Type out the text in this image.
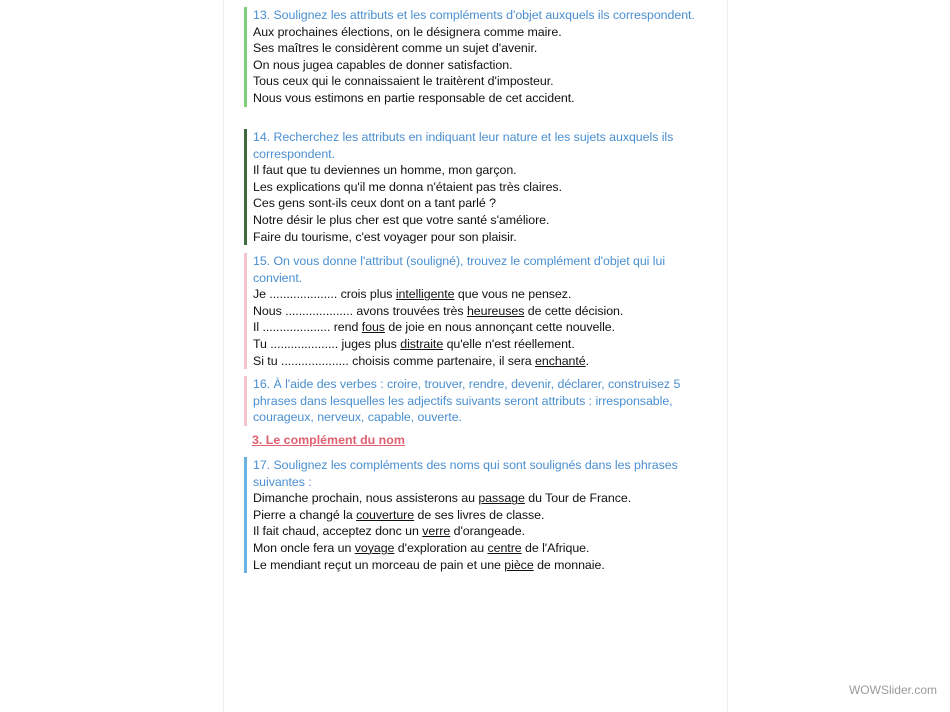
13. Soulignez les attributs et les compléments d'objet auxquels ils correspondent.
Aux prochaines élections, on le désignera comme maire.
Ses maîtres le considèrent comme un sujet d'avenir.
On nous jugea capables de donner satisfaction.
Tous ceux qui le connaissaient le traitèrent d'imposteur.
Nous vous estimons en partie responsable de cet accident.
14. Recherchez les attributs en indiquant leur nature et les sujets auxquels ils correspondent.
Il faut que tu deviennes un homme, mon garçon.
Les explications qu'il me donna n'étaient pas très claires.
Ces gens sont-ils ceux dont on a tant parlé ?
Notre désir le plus cher est que votre santé s'améliore.
Faire du tourisme, c'est voyager pour son plaisir.
15. On vous donne l'attribut (souligné), trouvez le complément d'objet qui lui convient.
Je .................... crois plus intelligente que vous ne pensez.
Nous .................... avons trouvées très heureuses de cette décision.
Il .................... rend fous de joie en nous annonçant cette nouvelle.
Tu .................... juges plus distraite qu'elle n'est réellement.
Si tu .................... choisis comme partenaire, il sera enchanté.
16. À l'aide des verbes : croire, trouver, rendre, devenir, déclarer, construisez 5 phrases dans lesquelles les adjectifs suivants seront attributs : irresponsable, courageux, nerveux, capable, ouverte.
3. Le complément du nom
17. Soulignez les compléments des noms qui sont soulignés dans les phrases suivantes :
Dimanche prochain, nous assisterons au passage du Tour de France.
Pierre a changé la couverture de ses livres de classe.
Il fait chaud, acceptez donc un verre d'orangeade.
Mon oncle fera un voyage d'exploration au centre de l'Afrique.
Le mendiant reçut un morceau de pain et une pièce de monnaie.
WOWSlider.com
